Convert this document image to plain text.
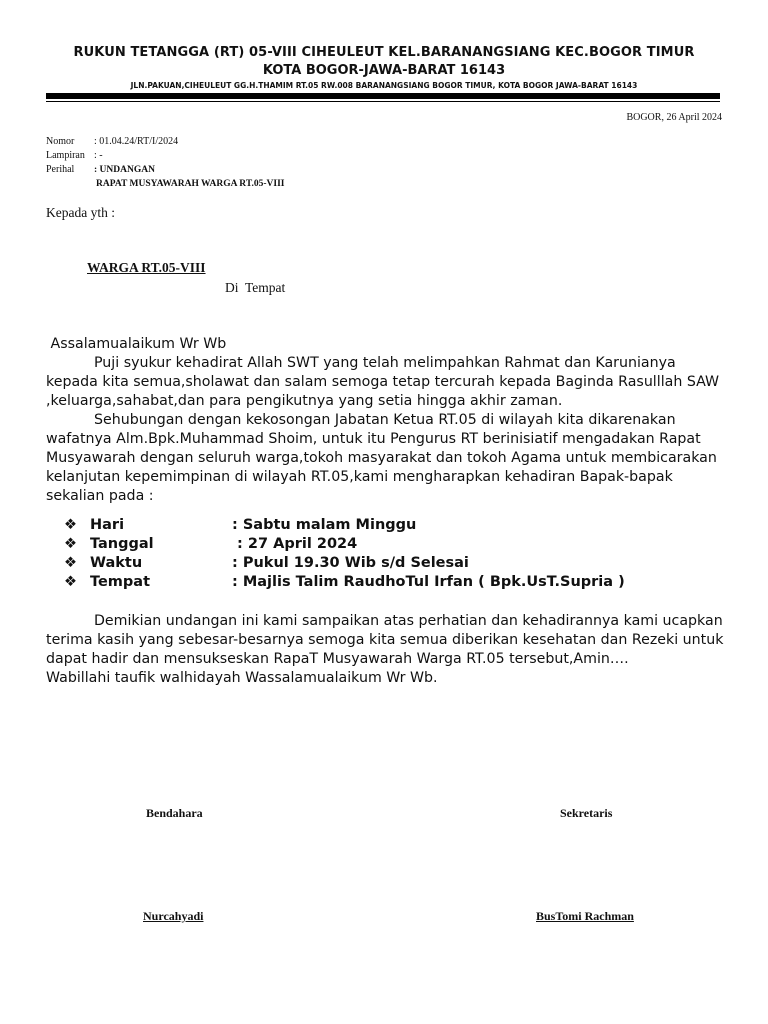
RUKUN TETANGGA (RT) 05-VIII CIHEULEUT KEL.BARANANGSIANG KEC.BOGOR TIMUR
KOTA BOGOR-JAWA-BARAT 16143
JLN.PAKUAN,CIHEULEUT GG.H.THAMIM RT.05 RW.008 BARANANGSIANG BOGOR TIMUR, KOTA BOGOR JAWA-BARAT 16143
BOGOR, 26 April 2024
Nomor	: 01.04.24/RT/I/2024
Lampiran : -
Perihal	: UNDANGAN
RAPAT MUSYAWARAH WARGA RT.05-VIII
Kepada yth :
WARGA RT.05-VIII
Di  Tempat
Assalamualaikum Wr Wb
Puji syukur kehadirat Allah SWT yang telah melimpahkan Rahmat dan Karunianya kepada kita semua,sholawat dan salam semoga tetap tercurah kepada Baginda Rasulllah SAW ,keluarga,sahabat,dan para pengikutnya yang setia hingga akhir zaman.
Sehubungan dengan kekosongan Jabatan Ketua RT.05 di wilayah kita dikarenakan wafatnya Alm.Bpk.Muhammad Shoim, untuk itu Pengurus RT berinisiatif mengadakan Rapat Musyawarah dengan seluruh warga,tokoh masyarakat dan tokoh Agama untuk membicarakan kelanjutan kepemimpinan di wilayah RT.05,kami mengharapkan kehadiran Bapak-bapak sekalian pada :
❖ Hari	: Sabtu malam Minggu
❖ Tanggal	: 27 April 2024
❖ Waktu	: Pukul 19.30 Wib s/d Selesai
❖ Tempat	: Majlis Talim RaudhoTul Irfan ( Bpk.UsT.Supria )
Demikian undangan ini kami sampaikan atas perhatian dan kehadirannya kami ucapkan terima kasih yang sebesar-besarnya semoga kita semua diberikan kesehatan dan Rezeki untuk dapat hadir dan mensukseskan RapaT Musyawarah Warga RT.05 tersebut,Amin….
Wabillahi taufik walhidayah Wassalamualaikum Wr Wb.
Bendahara	Sekretaris
Nurcahyadi	BusTomi Rachman
